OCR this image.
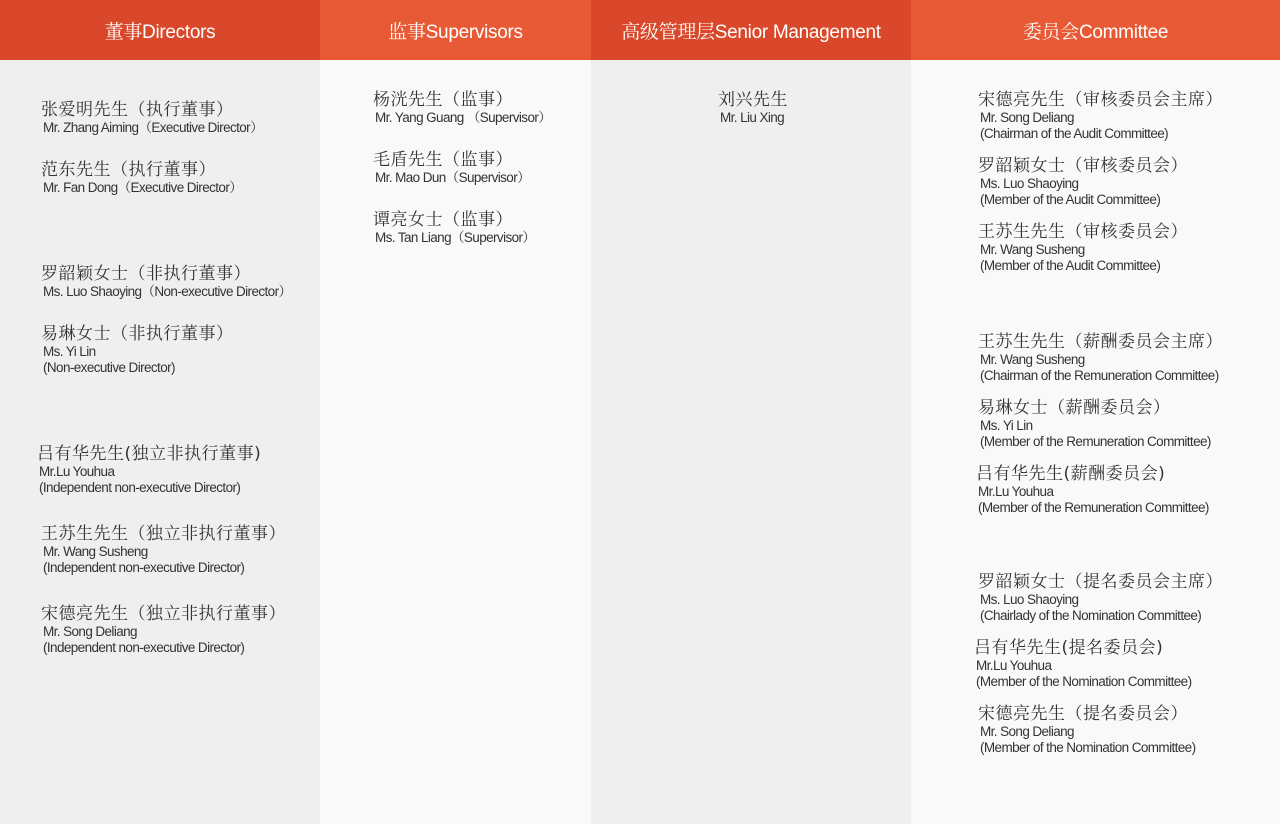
董事Directors
张爱明先生（执行董事）
Mr. Zhang Aiming（Executive Director）
范东先生（执行董事）
Mr. Fan Dong（Executive Director）
罗韶颖女士（非执行董事）
Ms. Luo Shaoying（Non-executive Director）
易琳女士（非执行董事）
Ms. Yi Lin
(Non-executive Director)
吕有华先生(独立非执行董事)
Mr.Lu Youhua
(Independent non-executive Director)
王苏生先生（独立非执行董事）
Mr. Wang Susheng
(Independent non-executive Director)
宋德亮先生（独立非执行董事）
Mr. Song Deliang
(Independent non-executive Director)
监事Supervisors
杨洸先生（监事）
Mr. Yang Guang （Supervisor）
毛盾先生（监事）
Mr. Mao Dun（Supervisor）
谭亮女士（监事）
Ms. Tan Liang（Supervisor）
高级管理层Senior Management
刘兴先生
Mr. Liu Xing
委员会Committee
宋德亮先生（审核委员会主席）
Mr. Song Deliang
(Chairman of the Audit Committee)
罗韶颖女士（审核委员会）
Ms. Luo Shaoying
(Member of the Audit Committee)
王苏生先生（审核委员会）
Mr. Wang Susheng
(Member of the Audit Committee)
王苏生先生（薪酬委员会主席）
Mr. Wang Susheng
(Chairman of the Remuneration Committee)
易琳女士（薪酬委员会）
Ms. Yi Lin
(Member of the Remuneration Committee)
吕有华先生(薪酬委员会)
Mr.Lu Youhua
(Member of the Remuneration Committee)
罗韶颖女士（提名委员会主席）
Ms. Luo Shaoying
(Chairlady of the Nomination Committee)
吕有华先生(提名委员会)
Mr.Lu Youhua
(Member of the Nomination Committee)
宋德亮先生（提名委员会）
Mr. Song Deliang
(Member of the Nomination Committee)
